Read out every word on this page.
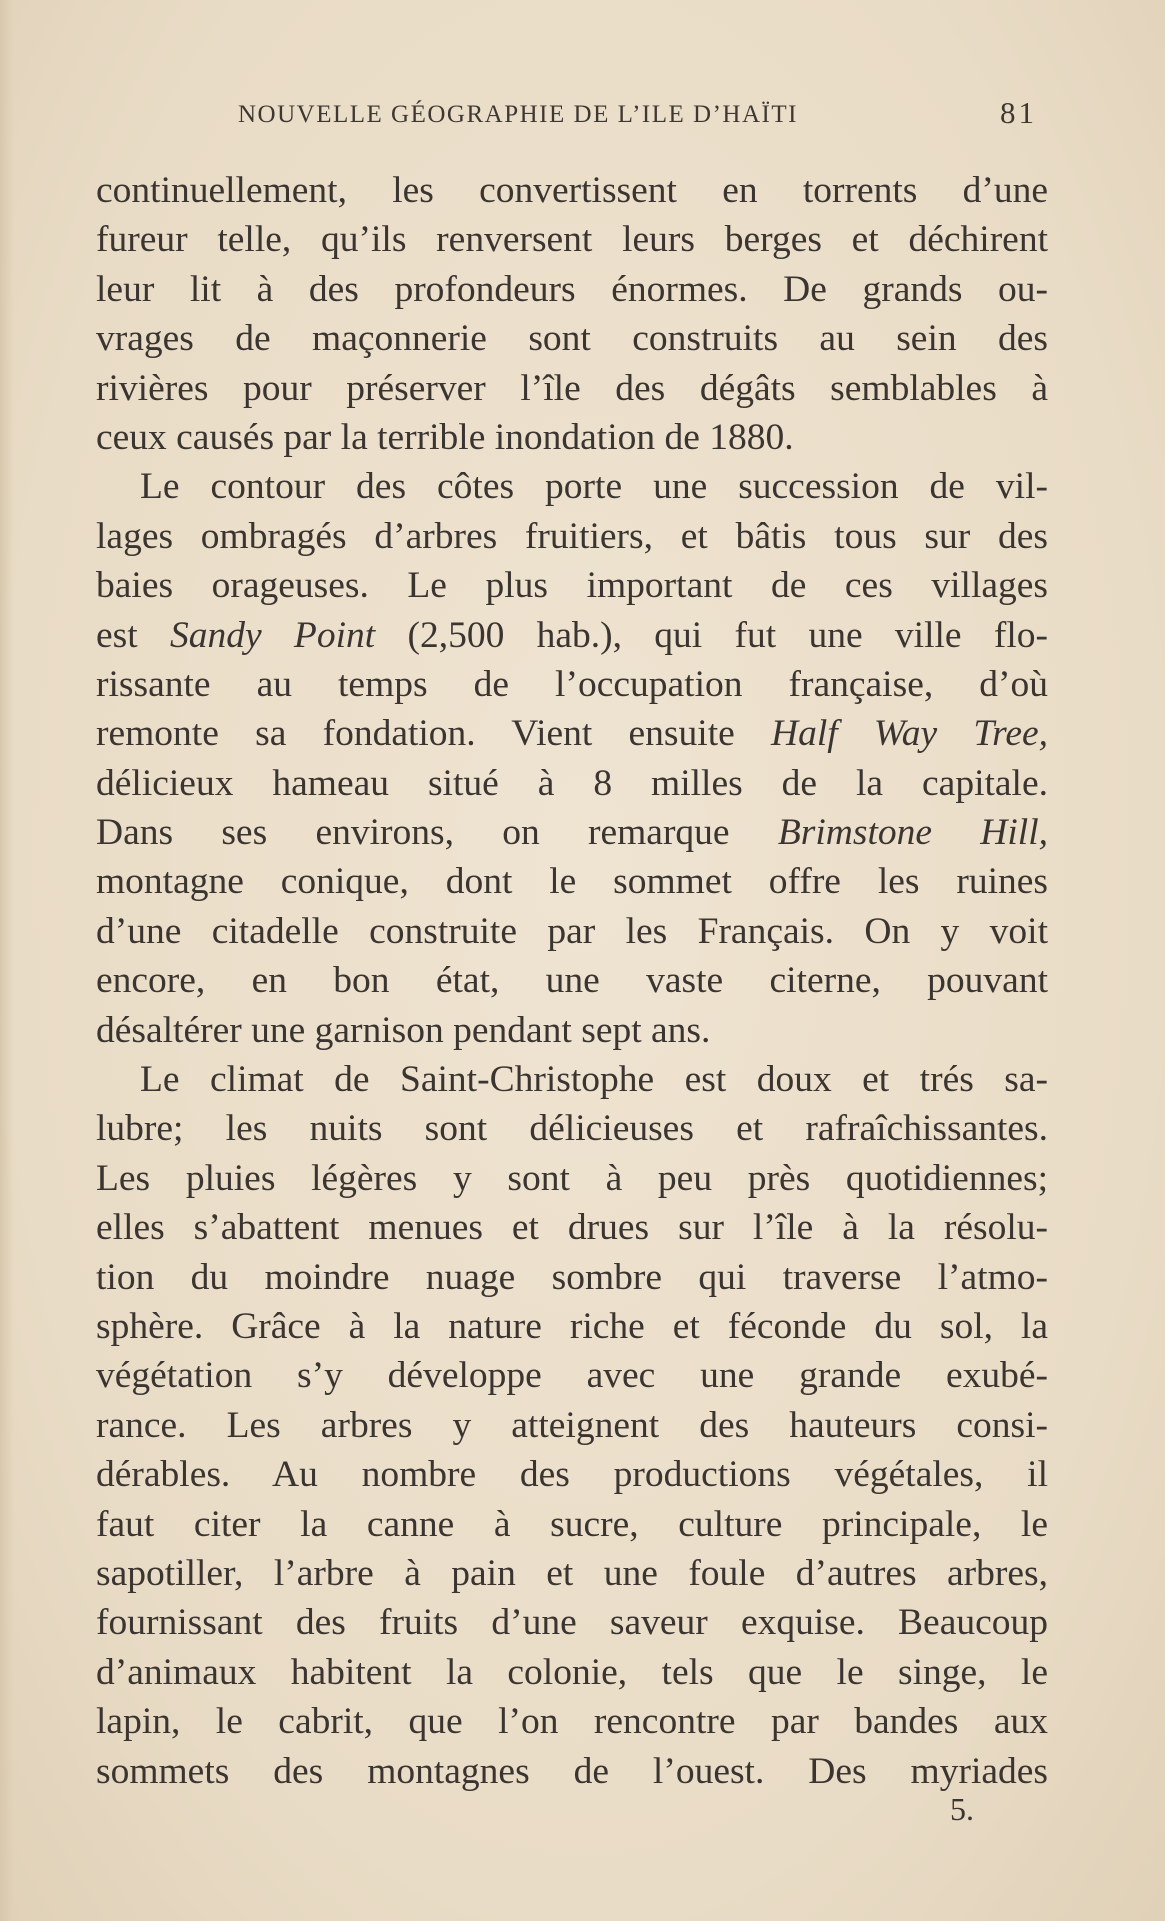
NOUVELLE GÉOGRAPHIE DE L’ILE D’HAÏTI	81
continuellement, les convertissent en torrents d’une
fureur telle, qu’ils renversent leurs berges et déchirent
leur lit à des profondeurs énormes. De grands ou-
vrages de maçonnerie sont construits au sein des
rivières pour préserver l’île des dégâts semblables à
ceux causés par la terrible inondation de 1880.
Le contour des côtes porte une succession de vil-
lages ombragés d’arbres fruitiers, et bâtis tous sur des
baies orageuses. Le plus important de ces villages
est Sandy Point (2,500 hab.), qui fut une ville flo-
rissante au temps de l’occupation française, d’où
remonte sa fondation. Vient ensuite Half Way Tree,
délicieux hameau situé à 8 milles de la capitale.
Dans ses environs, on remarque Brimstone Hill,
montagne conique, dont le sommet offre les ruines
d’une citadelle construite par les Français. On y voit
encore, en bon état, une vaste citerne, pouvant
désaltérer une garnison pendant sept ans.
Le climat de Saint-Christophe est doux et trés sa-
lubre; les nuits sont délicieuses et rafraîchissantes.
Les pluies légères y sont à peu près quotidiennes;
elles s’abattent menues et drues sur l’île à la résolu-
tion du moindre nuage sombre qui traverse l’atmo-
sphère. Grâce à la nature riche et féconde du sol, la
végétation s’y développe avec une grande exubé-
rance. Les arbres y atteignent des hauteurs consi-
dérables. Au nombre des productions végétales, il
faut citer la canne à sucre, culture principale, le
sapotiller, l’arbre à pain et une foule d’autres arbres,
fournissant des fruits d’une saveur exquise. Beaucoup
d’animaux habitent la colonie, tels que le singe, le
lapin, le cabrit, que l’on rencontre par bandes aux
sommets des montagnes de l’ouest. Des myriades
5.
